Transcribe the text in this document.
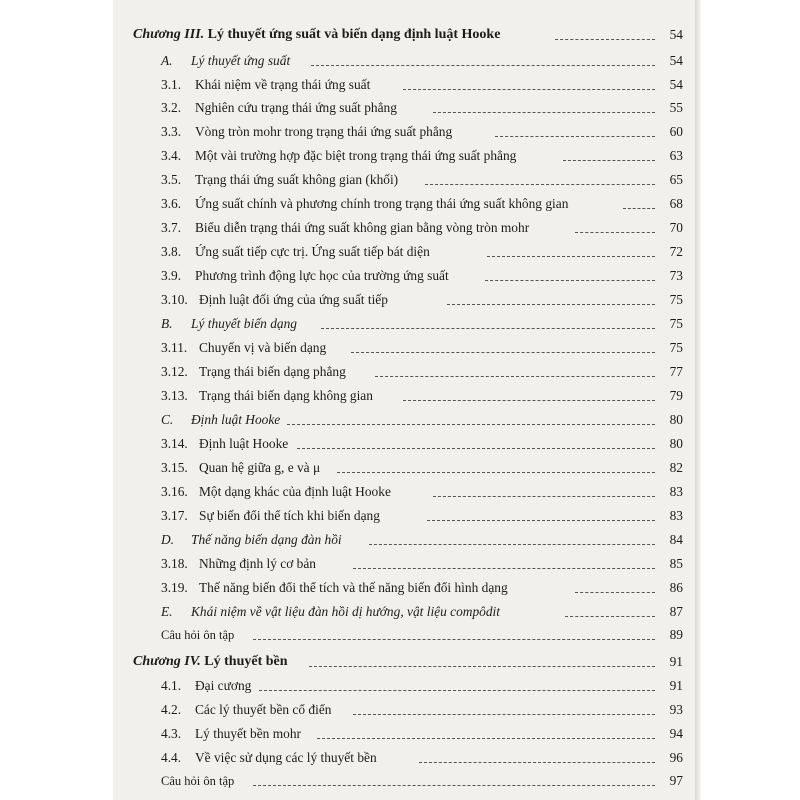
Chương III. Lý thuyết ứng suất và biến dạng định luật Hooke	54
A. Lý thuyết ứng suất	54
3.1. Khái niệm về trạng thái ứng suất	54
3.2. Nghiên cứu trạng thái ứng suất phẳng	55
3.3. Vòng tròn mohr trong trạng thái ứng suất phẳng	60
3.4. Một vài trường hợp đặc biệt trong trạng thái ứng suất phẳng	63
3.5. Trạng thái ứng suất không gian (khối)	65
3.6. Ứng suất chính và phương chính trong trạng thái ứng suất không gian	68
3.7. Biểu diễn trạng thái ứng suất không gian bằng vòng tròn mohr	70
3.8. Ứng suất tiếp cực trị. Ứng suất tiếp bát diện	72
3.9. Phương trình động lực học của trường ứng suất	73
3.10. Định luật đối ứng của ứng suất tiếp	75
B. Lý thuyết biến dạng	75
3.11. Chuyển vị và biến dạng	75
3.12. Trạng thái biến dạng phẳng	77
3.13. Trạng thái biến dạng không gian	79
C. Định luật Hooke	80
3.14. Định luật Hooke	80
3.15. Quan hệ giữa g, e và μ	82
3.16. Một dạng khác của định luật Hooke	83
3.17. Sự biến đổi thể tích khi biến dạng	83
D. Thế năng biến dạng đàn hồi	84
3.18. Những định lý cơ bản	85
3.19. Thế năng biến đổi thể tích và thế năng biến đổi hình dạng	86
E. Khái niệm về vật liệu đàn hồi dị hướng, vật liệu compôdit	87
Câu hỏi ôn tập	89
Chương IV. Lý thuyết bền	91
4.1. Đại cương	91
4.2. Các lý thuyết bền cổ điển	93
4.3. Lý thuyết bền mohr	94
4.4. Về việc sử dụng các lý thuyết bền	96
Câu hỏi ôn tập	97
